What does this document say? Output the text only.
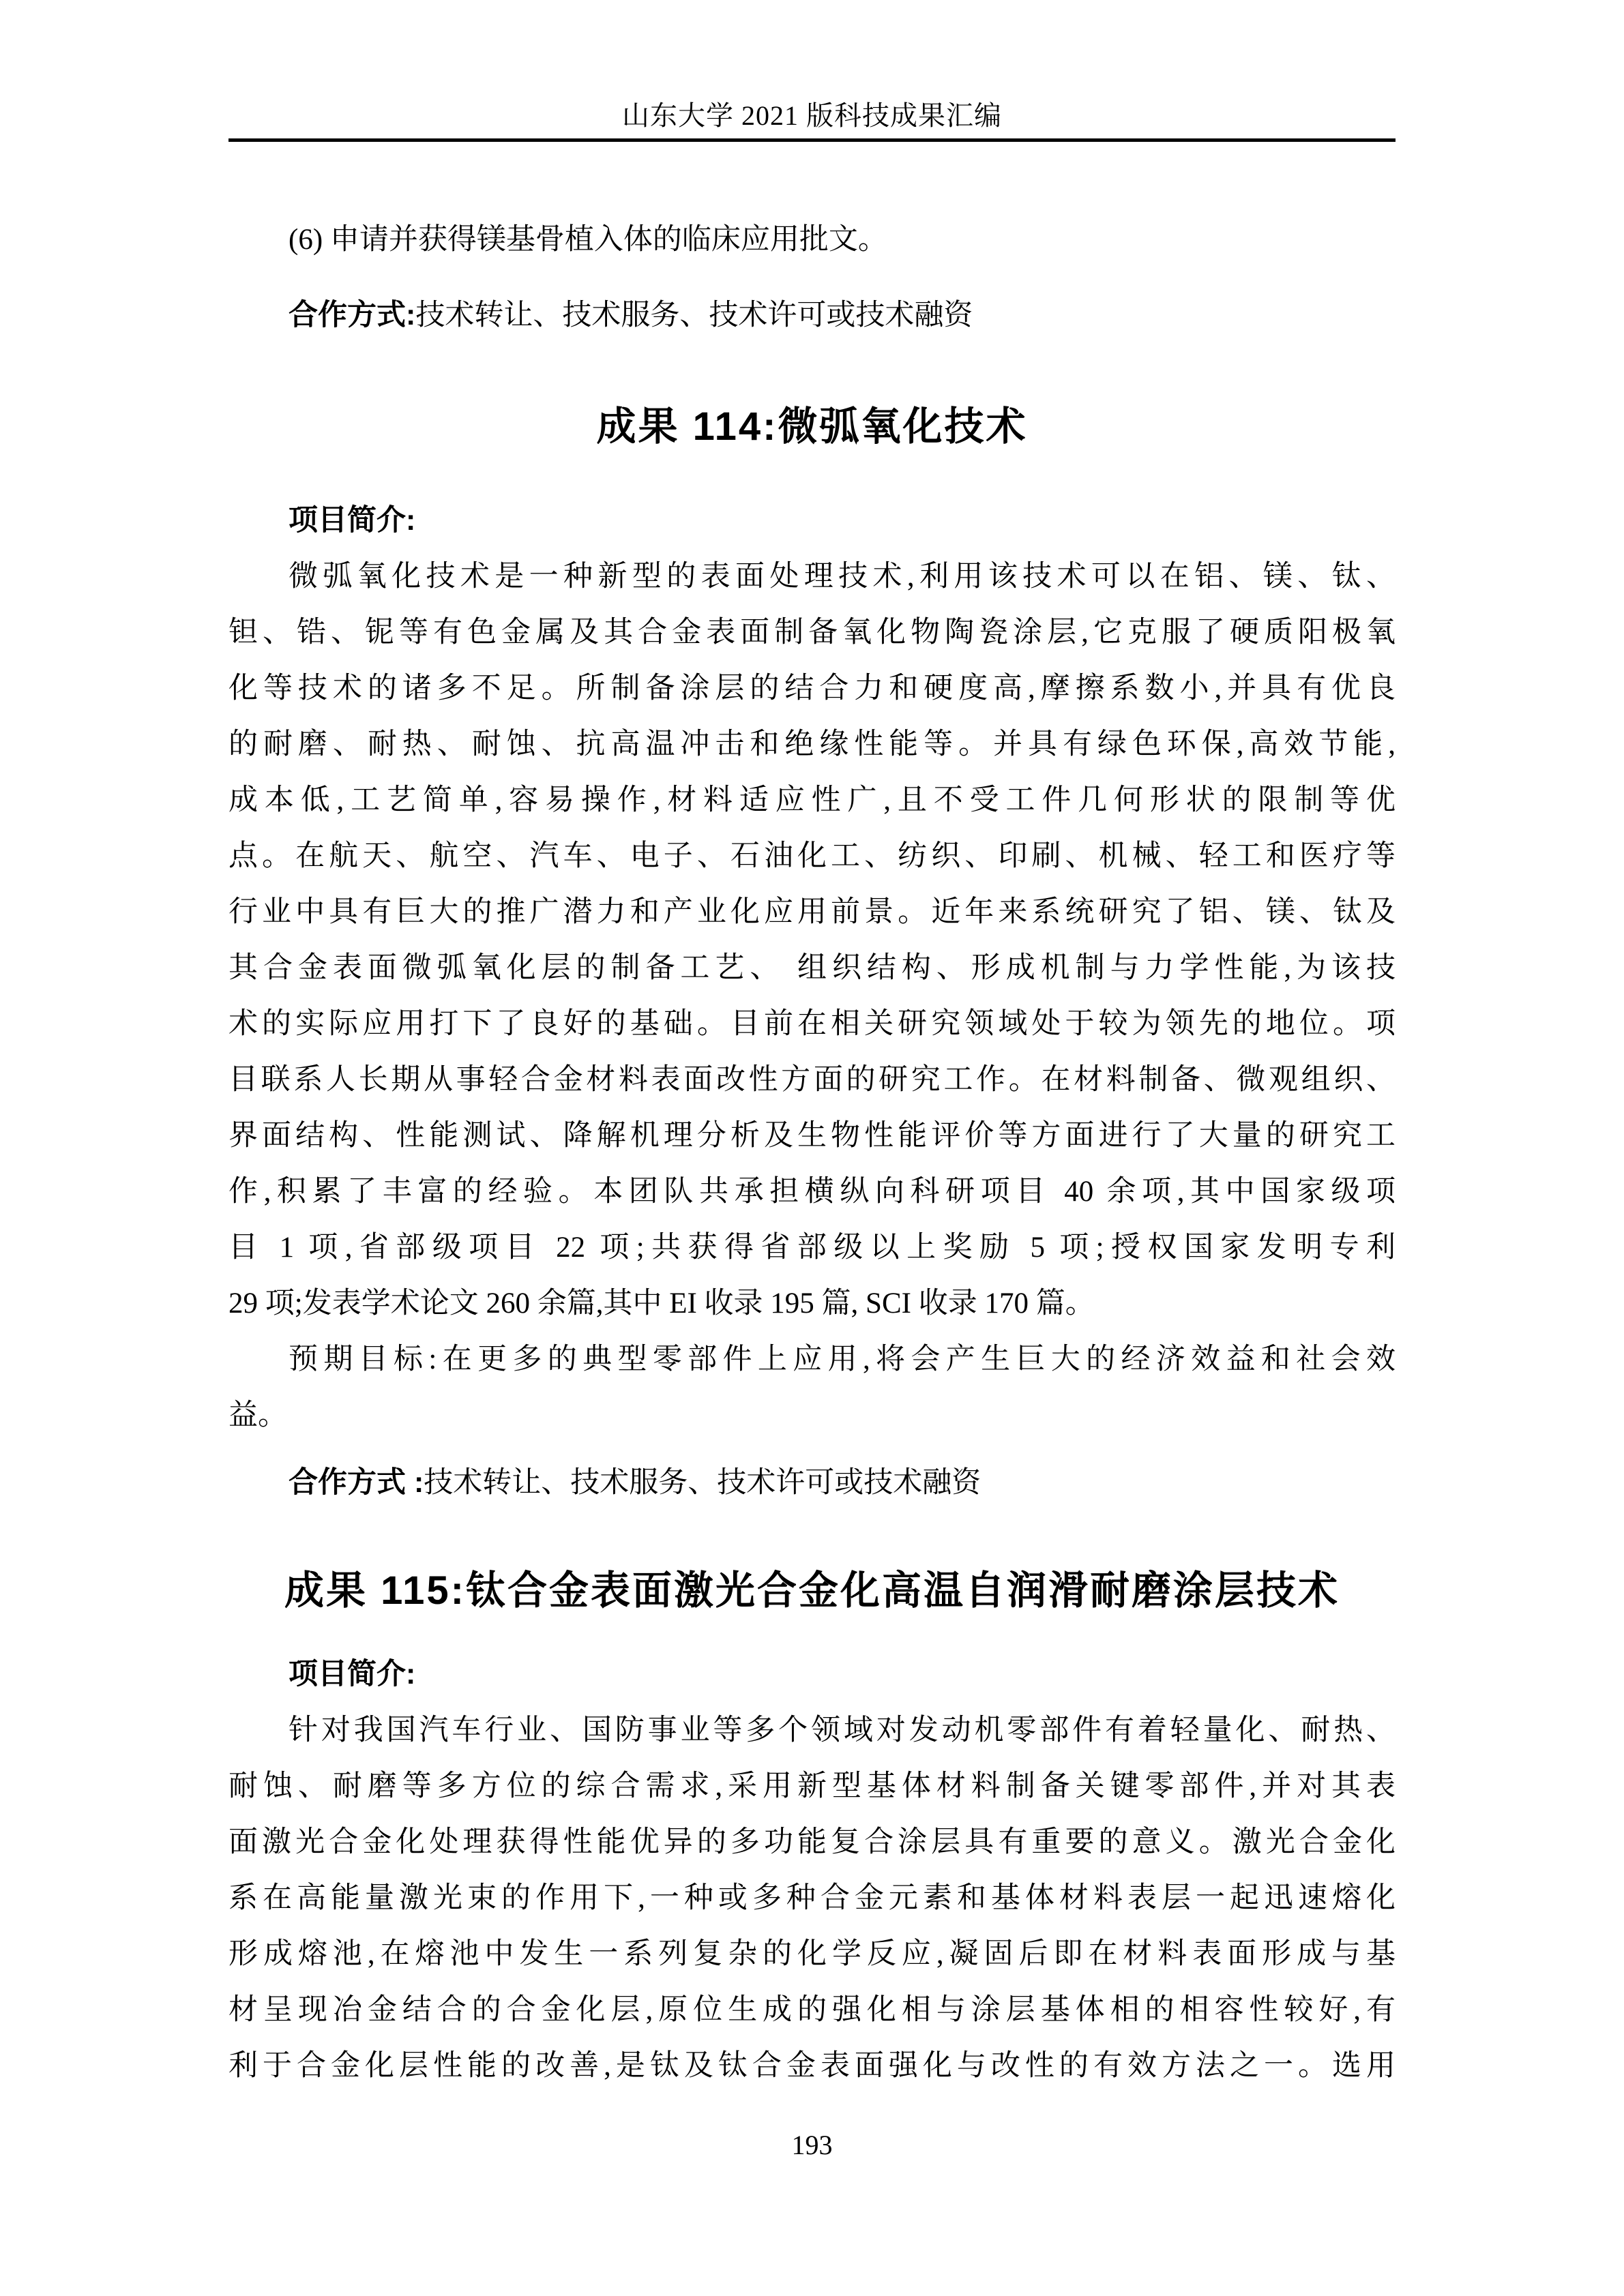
山东大学 2021 版科技成果汇编
(6) 申请并获得镁基骨植入体的临床应用批文。
合作方式:技术转让、技术服务、技术许可或技术融资
成果 114:微弧氧化技术
项目简介:
微弧氧化技术是一种新型的表面处理技术,利用该技术可以在铝、镁、钛、
钽、锆、铌等有色金属及其合金表面制备氧化物陶瓷涂层,它克服了硬质阳极氧
化等技术的诸多不足。所制备涂层的结合力和硬度高,摩擦系数小,并具有优良
的耐磨、耐热、耐蚀、抗高温冲击和绝缘性能等。并具有绿色环保,高效节能,
成本低,工艺简单,容易操作,材料适应性广,且不受工件几何形状的限制等优
点。在航天、航空、汽车、电子、石油化工、纺织、印刷、机械、轻工和医疗等
行业中具有巨大的推广潜力和产业化应用前景。近年来系统研究了铝、镁、钛及
其合金表面微弧氧化层的制备工艺、 组织结构、形成机制与力学性能,为该技
术的实际应用打下了良好的基础。目前在相关研究领域处于较为领先的地位。项
目联系人长期从事轻合金材料表面改性方面的研究工作。在材料制备、微观组织、
界面结构、性能测试、降解机理分析及生物性能评价等方面进行了大量的研究工
作,积累了丰富的经验。本团队共承担横纵向科研项目 40 余项,其中国家级项
目 1 项,省部级项目 22 项;共获得省部级以上奖励 5 项;授权国家发明专利
29 项;发表学术论文 260 余篇,其中 EI 收录 195 篇, SCI 收录 170 篇。
预期目标:在更多的典型零部件上应用,将会产生巨大的经济效益和社会效
益。
合作方式 :技术转让、技术服务、技术许可或技术融资
成果 115:钛合金表面激光合金化高温自润滑耐磨涂层技术
项目简介:
针对我国汽车行业、国防事业等多个领域对发动机零部件有着轻量化、耐热、
耐蚀、耐磨等多方位的综合需求,采用新型基体材料制备关键零部件,并对其表
面激光合金化处理获得性能优异的多功能复合涂层具有重要的意义。激光合金化
系在高能量激光束的作用下,一种或多种合金元素和基体材料表层一起迅速熔化
形成熔池,在熔池中发生一系列复杂的化学反应,凝固后即在材料表面形成与基
材呈现冶金结合的合金化层,原位生成的强化相与涂层基体相的相容性较好,有
利于合金化层性能的改善,是钛及钛合金表面强化与改性的有效方法之一。选用
193
